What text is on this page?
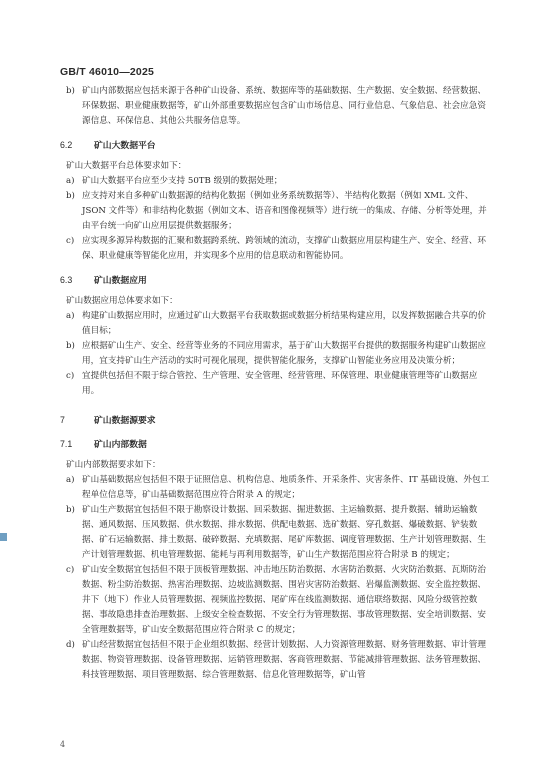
GB/T 46010—2025

b) 矿山内部数据应包括来源于各种矿山设备、系统、数据库等的基础数据、生产数据、安全数据、经营数据、环保数据、职业健康数据等，矿山外部重要数据应包含矿山市场信息、同行业信息、气象信息、社会应急资源信息、环保信息、其他公共服务信息等。

6.2 矿山大数据平台

矿山大数据平台总体要求如下：

a) 矿山大数据平台应至少支持 50TB 级别的数据处理；

b) 应支持对来自多种矿山数据源的结构化数据（例如业务系统数据等）、半结构化数据（例如 XML 文件、JSON 文件等）和非结构化数据（例如文本、语音和图像视频等）进行统一的集成、存储、分析等处理，并由平台统一向矿山应用层提供数据服务；

c) 应实现多源异构数据的汇聚和数据跨系统、跨领域的流动，支撑矿山数据应用层构建生产、安全、经营、环保、职业健康等智能化应用，并实现多个应用的信息联动和智能协同。

6.3 矿山数据应用

矿山数据应用总体要求如下：

a) 构建矿山数据应用时，应通过矿山大数据平台获取数据或数据分析结果构建应用，以发挥数据融合共享的价值目标；

b) 应根据矿山生产、安全、经营等业务的不同应用需求，基于矿山大数据平台提供的数据服务构建矿山数据应用，宜支持矿山生产活动的实时可视化展现，提供智能化服务，支撑矿山智能业务应用及决策分析；

c) 宜提供包括但不限于综合管控、生产管理、安全管理、经营管理、环保管理、职业健康管理等矿山数据应用。

7	矿山数据源要求

7.1 矿山内部数据

矿山内部数据要求如下：

a) 矿山基础数据应包括但不限于证照信息、机构信息、地质条件、开采条件、灾害条件、IT 基础设施、外包工程单位信息等，矿山基础数据范围应符合附录 A 的规定；

b) 矿山生产数据宜包括但不限于勘察设计数据、回采数据、掘进数据、主运输数据、提升数据、辅助运输数据、通风数据、压风数据、供水数据、排水数据、供配电数据、选矿数据、穿孔数据、爆破数据、铲装数据、矿石运输数据、排土数据、破碎数据、充填数据、尾矿库数据、调度管理数据、生产计划管理数据、生产计划管理数据、机电管理数据、能耗与再利用数据等，矿山生产数据范围应符合附录 B 的规定；

c) 矿山安全数据宜包括但不限于顶板管理数据、冲击地压防治数据、水害防治数据、火灾防治数据、瓦斯防治数据、粉尘防治数据、热害治理数据、边坡监测数据、围岩灾害防治数据、岩爆监测数据、安全监控数据、井下（地下）作业人员管理数据、视频监控数据、尾矿库在线监测数据、通信联络数据、风险分级管控数据、事故隐患排查治理数据、上级安全检查数据、不安全行为管理数据、事故管理数据、安全培训数据、安全管理数据等，矿山安全数据范围应符合附录 C 的规定；

d) 矿山经营数据宜包括但不限于企业组织数据、经营计划数据、人力资源管理数据、财务管理数据、审计管理数据、物资管理数据、设备管理数据、运销管理数据、客商管理数据、节能减排管理数据、法务管理数据、科技管理数据、项目管理数据、综合管理数据、信息化管理数据等，矿山管

4
